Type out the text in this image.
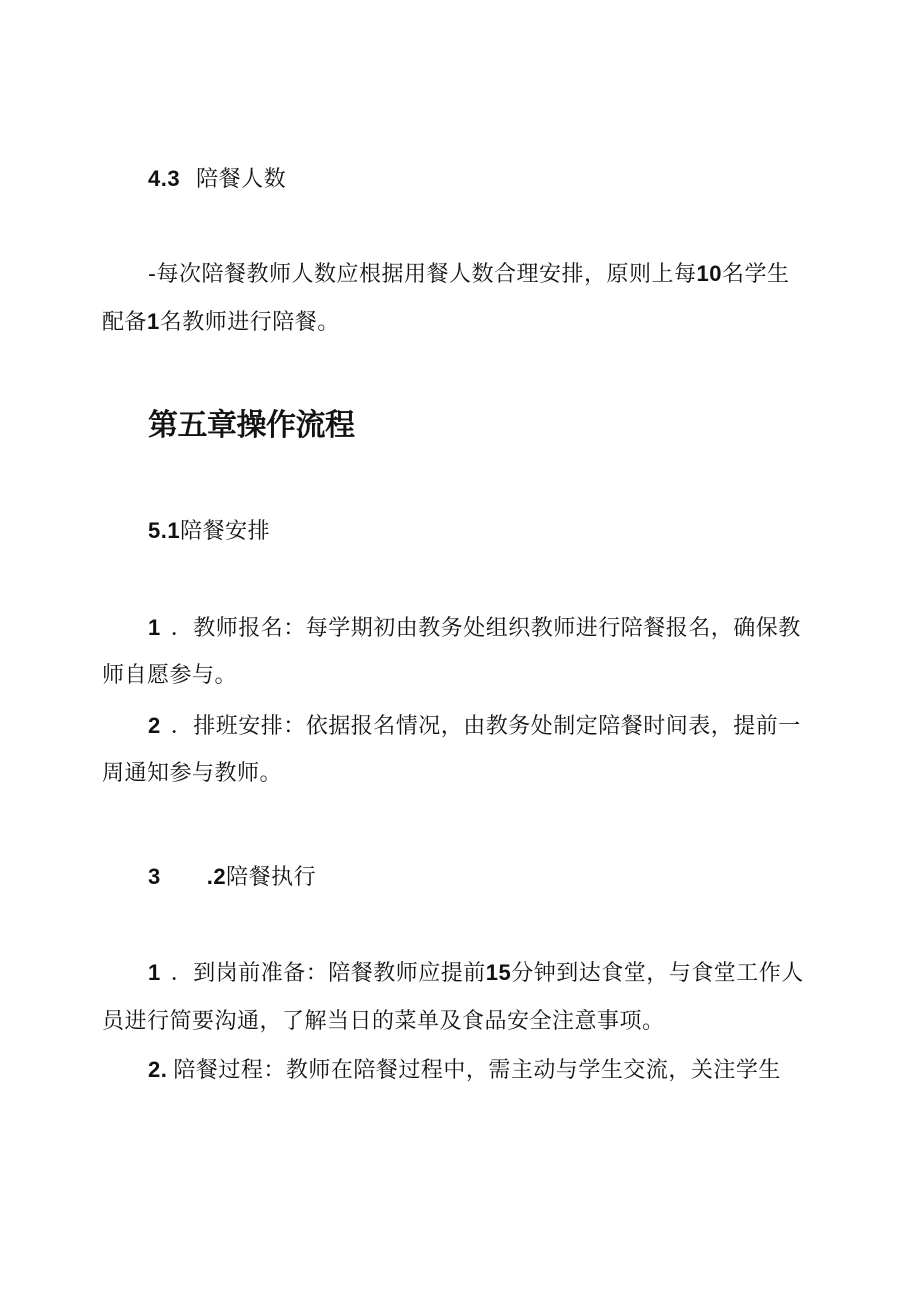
4.3 陪餐人数
-每次陪餐教师人数应根据用餐人数合理安排，原则上每10名学生
配备1名教师进行陪餐。
第五章操作流程
5.1陪餐安排
1 ．教师报名：每学期初由教务处组织教师进行陪餐报名，确保教
师自愿参与。
2 ．排班安排：依据报名情况，由教务处制定陪餐时间表，提前一
周通知参与教师。
3 .2陪餐执行
1 ．到岗前准备：陪餐教师应提前15分钟到达食堂，与食堂工作人
员进行简要沟通，了解当日的菜单及食品安全注意事项。
2. 陪餐过程：教师在陪餐过程中，需主动与学生交流，关注学生
